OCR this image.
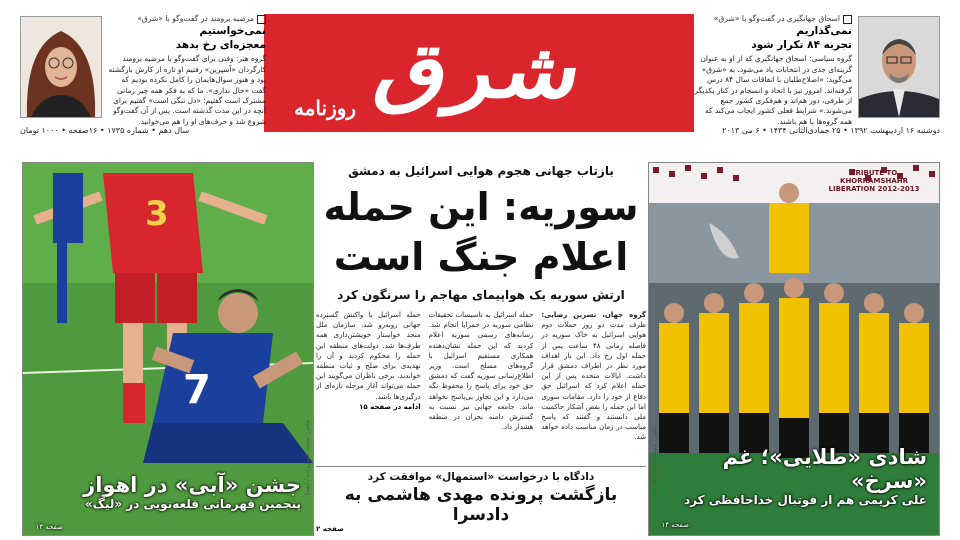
اسحاق جهانگیری در گفت‌وگو با «شرق»
نمی‌گذاریم
تجربه ۸۴ تکرار شود
گروه سیاسی: اسحاق جهانگیری که از او به عنوان گزینه‌ای جدی در انتخابات یاد می‌شود، به «شرق» می‌گوید: «اصلاح‌طلبان با اتفاقات سال ۸۴ درس گرفته‌اند. امروز نیز با اتحاد و انسجام در کنار یکدیگر از طرفی، دور هم‌اند و هم‌فکری کشور جمع می‌شوند.» شرایط فعلی کشور ایجاب می‌کند که همه گروه‌ها با هم باشند.
شرق
روزنامه
مرضیه برومند در گفت‌وگو با «شرق»
نمی‌خواستیم
معجزه‌ای رخ بدهد
گروه هنر: وقتی برای گفت‌وگو با مرضیه برومند کارگردان «آسپرین» رفتیم او تازه از کارش بازگشته بود و هنوز سوال‌هایمان را کامل نکرده بودیم که گفت «حال نداری». ما که به فکر همه چیز زمانی مشترک است گفتیم: «دل تنگی است» گفتیم برای آنچه در این مدت گذشته است. پس از آن گفت‌وگو شروع شد و حرف‌های او را هم می‌خوانید.
دوشنبه ۱۶ اردیبهشت ۱۳۹۲ • ۲۵ جمادی‌الثانی ۱۴۳۴ • ۶ می ۲۰۱۳
سال دهم • شماره ۱۷۳۵ • ۱۶صفحه • ۱۰۰۰ تومان
TRIBUTE TO KHORRAMSHAHR LIBERATION 2012-2013
شادی «طلایی»؛ غم «سرخ»
علی کریمی هم از فوتبال خداحافظی کرد
صفحه ۱۴
عکس: حمید عامری / فارس
بازتاب جهانی هجوم هوایی اسرائیل به دمشق
سوریه: این حمله
اعلام جنگ است
ارتش سوریه یک هواپیمای مهاجم را سرنگون کرد
گروه جهان، نسرین رضایی: ظرف مدت دو روز حملات دوم هوایی اسرائیل به خاک سوریه در فاصله زمانی ۴۸ ساعت پس از حمله اول رخ داد. این بار اهداف مورد نظر در اطراف دمشق قرار داشت. ایالات متحده پس از این حمله اعلام کرد که اسرائیل حق دفاع از خود را دارد. مقامات سوری اما این حمله را نقض آشکار حاکمیت ملی دانستند و گفتند که پاسخ مناسب در زمان مناسب داده خواهد شد.
حمله اسرائیل به تاسیسات تحقیقات نظامی سوریه در جمرایا انجام شد. رسانه‌های رسمی سوریه اعلام کردند که این حمله نشان‌دهنده همکاری مستقیم اسرائیل با گروه‌های مسلح است. وزیر اطلاع‌رسانی سوریه گفت که دمشق حق خود برای پاسخ را محفوظ نگه می‌دارد و این تجاوز بی‌پاسخ نخواهد ماند. جامعه جهانی نیز نسبت به گسترش دامنه بحران در منطقه هشدار داد.
حمله اسرائیل با واکنش گسترده جهانی روبه‌رو شد. سازمان ملل متحد خواستار خویشتن‌داری همه طرف‌ها شد. دولت‌های منطقه این حمله را محکوم کردند و آن را تهدیدی برای صلح و ثبات منطقه خواندند. برخی ناظران می‌گویند این حمله می‌تواند آغاز مرحله تازه‌ای از درگیری‌ها باشد.
ادامه در صفحه ۱۵
دادگاه با درخواست «استمهال» موافقت کرد
بازگشت پرونده مهدی هاشمی به دادسرا
صفحه ۲
3
7
جشن «آبی» در اهواز
پنجمین قهرمانی قلعه‌نویی در «لیگ»
صفحه ۱۳
عکس: محمد حسن‌زاده / ایسنا
